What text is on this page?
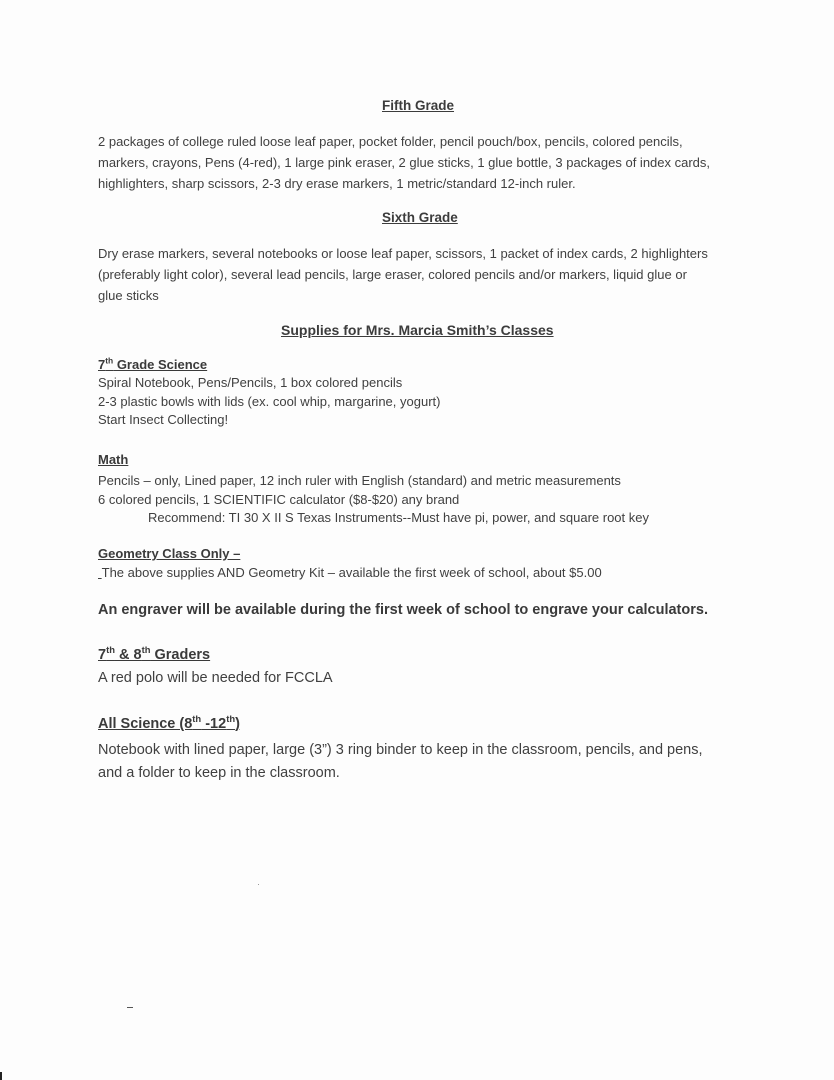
Fifth Grade
2 packages of college ruled loose leaf paper, pocket folder, pencil pouch/box, pencils, colored pencils,
markers, crayons, Pens (4-red), 1 large pink eraser, 2 glue sticks, 1 glue bottle, 3 packages of index cards,
highlighters, sharp scissors, 2-3 dry erase markers, 1 metric/standard 12-inch ruler.
Sixth Grade
Dry erase markers, several notebooks or loose leaf paper, scissors, 1 packet of index cards, 2 highlighters
(preferably light color), several lead pencils, large eraser, colored pencils and/or markers, liquid glue or
glue sticks
Supplies for Mrs. Marcia Smith’s Classes
7th Grade Science
Spiral Notebook, Pens/Pencils, 1 box colored pencils
2-3 plastic bowls with lids (ex. cool whip, margarine, yogurt)
Start Insect Collecting!
Math
Pencils – only, Lined paper, 12 inch ruler with English (standard) and metric measurements
6 colored pencils, 1 SCIENTIFIC calculator ($8-$20) any brand
Recommend: TI 30 X II S Texas Instruments--Must have pi, power, and square root key
Geometry Class Only –
The above supplies AND Geometry Kit – available the first week of school, about $5.00
An engraver will be available during the first week of school to engrave your calculators.
7th & 8th Graders
A red polo will be needed for FCCLA
All Science (8th -12th)
Notebook with lined paper, large (3”) 3 ring binder to keep in the classroom, pencils, and pens,
and a folder to keep in the classroom.
